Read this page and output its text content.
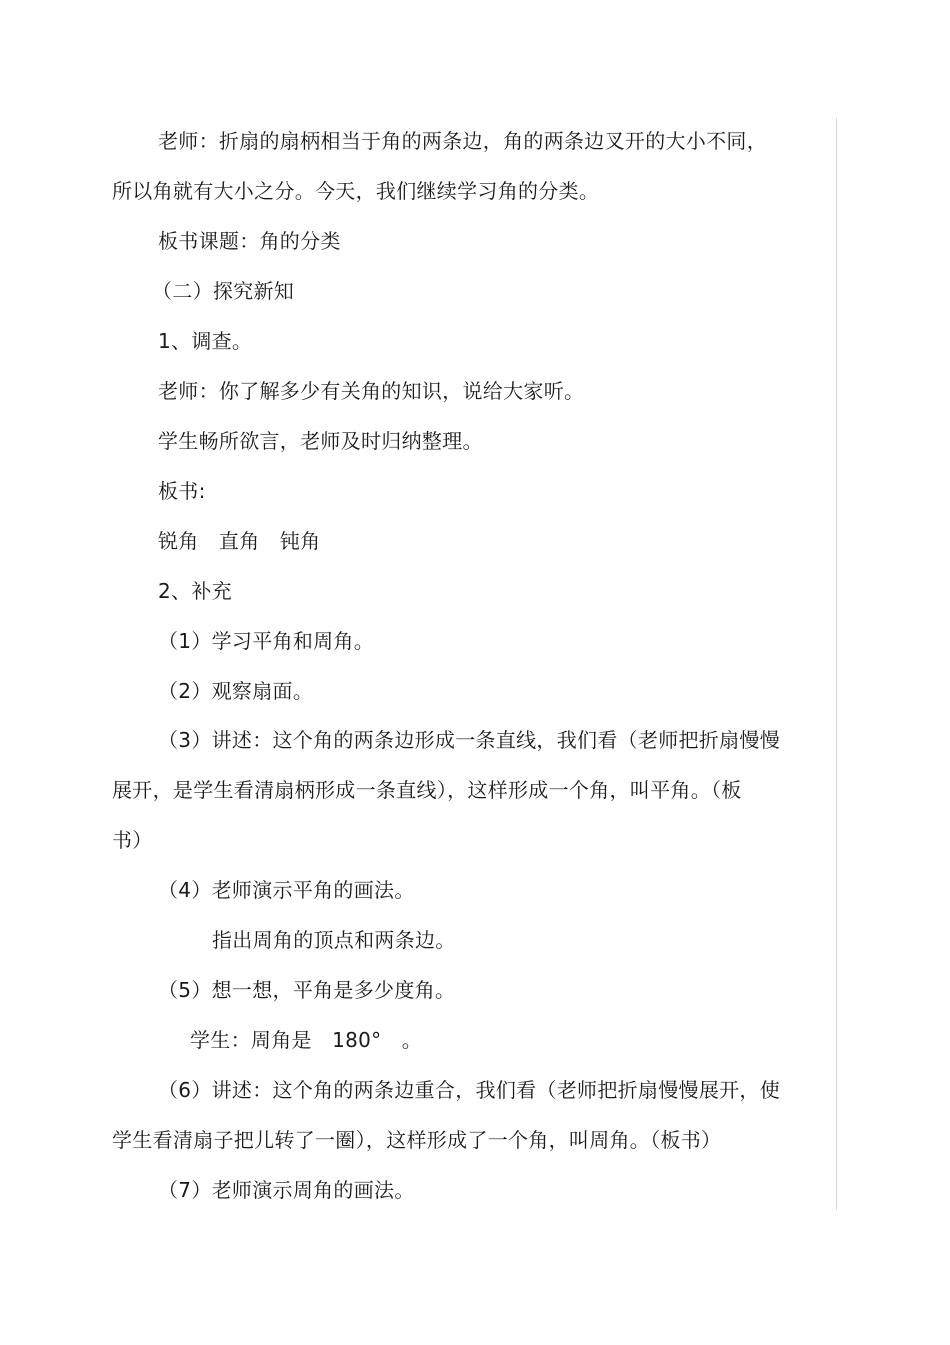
老师：折扇的扇柄相当于角的两条边，角的两条边叉开的大小不同，
所以角就有大小之分。今天，我们继续学习角的分类。
板书课题：角的分类
（二）探究新知
1、调查。
老师：你了解多少有关角的知识，说给大家听。
学生畅所欲言，老师及时归纳整理。
板书:
锐角　直角　钝角
2、补充
（1）学习平角和周角。
（2）观察扇面。
（3）讲述：这个角的两条边形成一条直线，我们看（老师把折扇慢慢
展开，是学生看清扇柄形成一条直线），这样形成一个角，叫平角。（板
书）
（4）老师演示平角的画法。
指出周角的顶点和两条边。
（5）想一想，平角是多少度角。
学生：周角是　180°　。
（6）讲述：这个角的两条边重合，我们看（老师把折扇慢慢展开，使
学生看清扇子把儿转了一圈），这样形成了一个角，叫周角。（板书）
（7）老师演示周角的画法。
